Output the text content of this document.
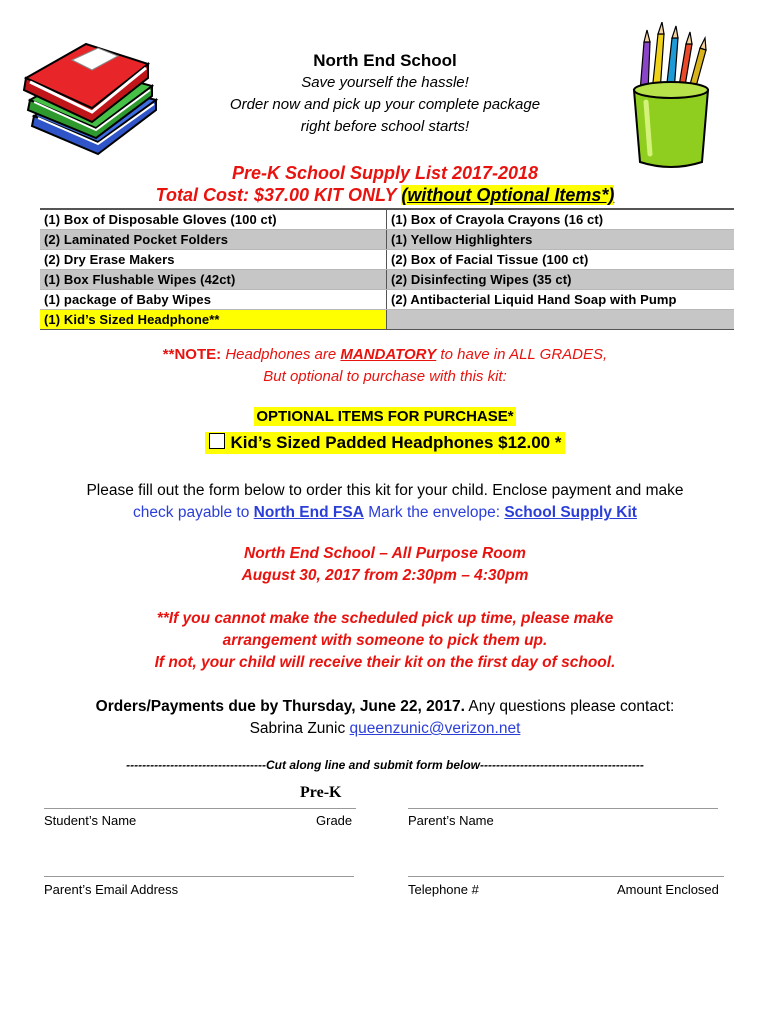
North End School
Save yourself the hassle!
Order now and pick up your complete package
right before school starts!
Pre-K School Supply List 2017-2018
Total Cost: $37.00 KIT ONLY (without Optional Items*)
(1) Box of Disposable Gloves (100 ct)	(1) Box of Crayola Crayons (16 ct)
(2) Laminated Pocket Folders	(1) Yellow Highlighters
(2) Dry Erase Makers	(2) Box of Facial Tissue (100 ct)
(1) Box Flushable Wipes (42ct)	(2) Disinfecting Wipes (35 ct)
(1) package of Baby Wipes	(2) Antibacterial Liquid Hand Soap with Pump
(1) Kid’s Sized Headphone**	
**NOTE: Headphones are MANDATORY to have in ALL GRADES,
But optional to purchase with this kit:
OPTIONAL ITEMS FOR PURCHASE*
Kid’s Sized Padded Headphones $12.00 *
Please fill out the form below to order this kit for your child. Enclose payment and make
check payable to North End FSA Mark the envelope: School Supply Kit
North End School – All Purpose Room
August 30, 2017 from 2:30pm – 4:30pm
**If you cannot make the scheduled pick up time, please make
arrangement with someone to pick them up.
If not, your child will receive their kit on the first day of school.
Orders/Payments due by Thursday, June 22, 2017. Any questions please contact:
Sabrina Zunic queenzunic@verizon.net
-----------------------------------Cut along line and submit form below-----------------------------------------
Pre-K
Student’s Name	Grade	Parent’s Name
Parent’s Email Address	Telephone #	Amount Enclosed
